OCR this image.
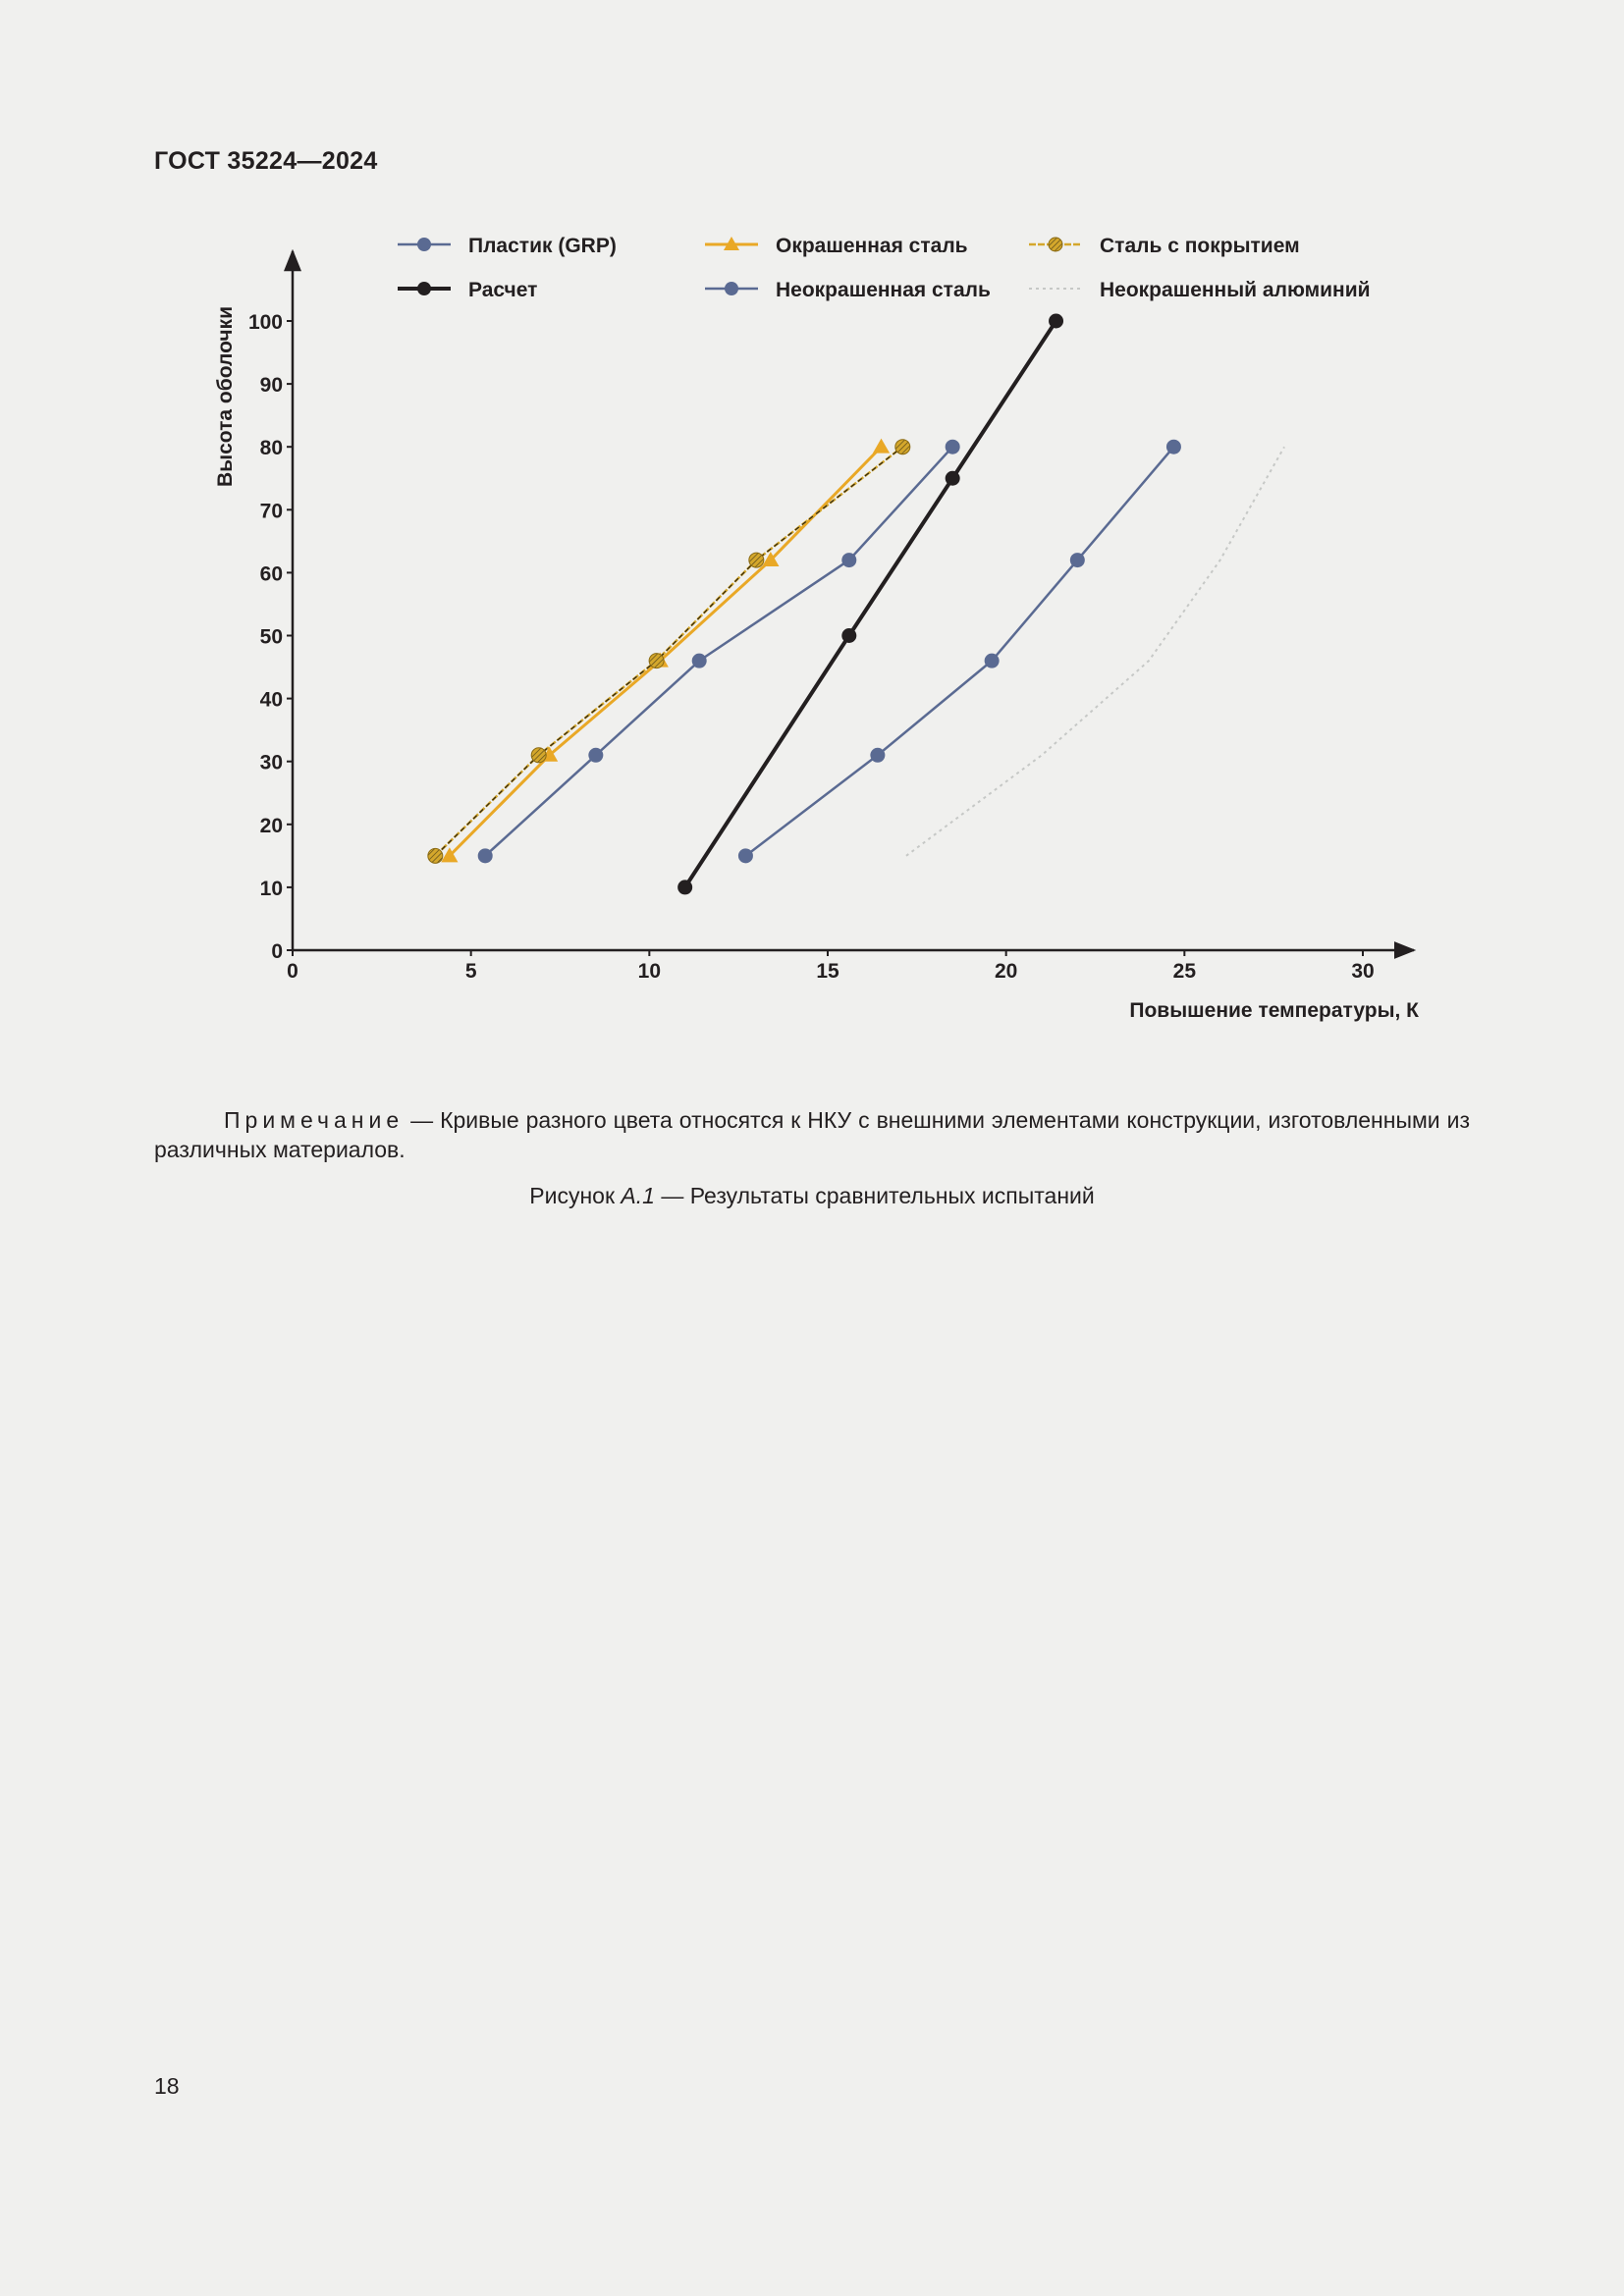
ГОСТ 35224—2024
0
10
20
30
40
50
60
70
80
90
100
0	5	10	15	20	25	30
Высота оболочки
Повышение температуры, К
Пластик (GRP)	Окрашенная сталь	Сталь с покрытием
Расчет	Неокрашенная сталь	Неокрашенный алюминий
Примечание — Кривые разного цвета относятся к НКУ с внешними элементами конструкции, изготовленными из различных материалов.
Рисунок А.1 — Результаты сравнительных испытаний
18
